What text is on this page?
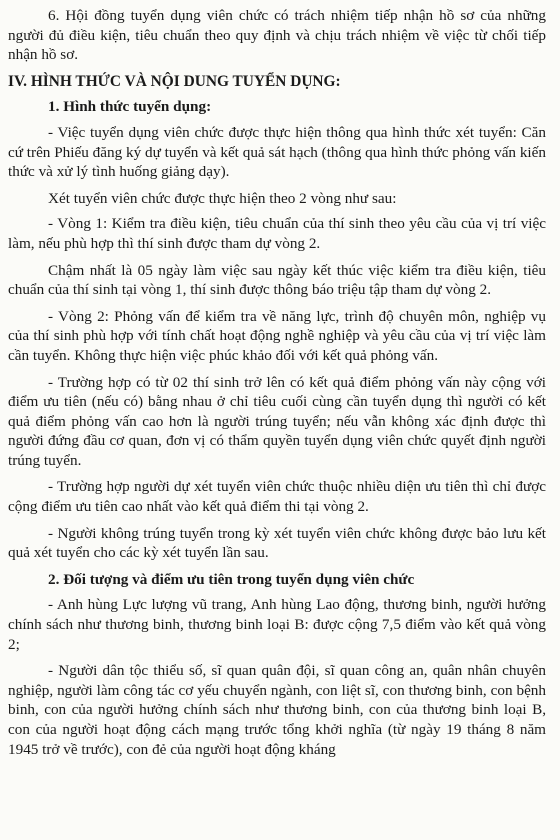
6. Hội đồng tuyển dụng viên chức có trách nhiệm tiếp nhận hồ sơ của những người đủ điều kiện, tiêu chuẩn theo quy định và chịu trách nhiệm về việc từ chối tiếp nhận hồ sơ.

IV. HÌNH THỨC VÀ NỘI DUNG TUYỂN DỤNG:
1. Hình thức tuyển dụng:

- Việc tuyển dụng viên chức được thực hiện thông qua hình thức xét tuyển: Căn cứ trên Phiếu đăng ký dự tuyển và kết quả sát hạch (thông qua hình thức phỏng vấn kiến thức và xử lý tình huống giảng dạy).

Xét tuyển viên chức được thực hiện theo 2 vòng như sau:

- Vòng 1: Kiểm tra điều kiện, tiêu chuẩn của thí sinh theo yêu cầu của vị trí việc làm, nếu phù hợp thì thí sinh được tham dự vòng 2.

Chậm nhất là 05 ngày làm việc sau ngày kết thúc việc kiểm tra điều kiện, tiêu chuẩn của thí sinh tại vòng 1, thí sinh được thông báo triệu tập tham dự vòng 2.

- Vòng 2: Phỏng vấn để kiểm tra về năng lực, trình độ chuyên môn, nghiệp vụ của thí sinh phù hợp với tính chất hoạt động nghề nghiệp và yêu cầu của vị trí việc làm cần tuyển. Không thực hiện việc phúc khảo đối với kết quả phỏng vấn.

- Trường hợp có từ 02 thí sinh trở lên có kết quả điểm phỏng vấn này cộng với điểm ưu tiên (nếu có) bằng nhau ở chỉ tiêu cuối cùng cần tuyển dụng thì người có kết quả điểm phỏng vấn cao hơn là người trúng tuyển; nếu vẫn không xác định được thì người đứng đầu cơ quan, đơn vị có thẩm quyền tuyển dụng viên chức quyết định người trúng tuyển.

- Trường hợp người dự xét tuyển viên chức thuộc nhiều diện ưu tiên thì chỉ được cộng điểm ưu tiên cao nhất vào kết quả điểm thi tại vòng 2.

- Người không trúng tuyển trong kỳ xét tuyển viên chức không được bảo lưu kết quả xét tuyển cho các kỳ xét tuyển lần sau.

2. Đối tượng và điểm ưu tiên trong tuyển dụng viên chức

- Anh hùng Lực lượng vũ trang, Anh hùng Lao động, thương binh, người hưởng chính sách như thương binh, thương binh loại B: được cộng 7,5 điểm vào kết quả vòng 2;

- Người dân tộc thiểu số, sĩ quan quân đội, sĩ quan công an, quân nhân chuyên nghiệp, người làm công tác cơ yếu chuyển ngành, con liệt sĩ, con thương binh, con bệnh binh, con của người hưởng chính sách như thương binh, con của thương binh loại B, con của người hoạt động cách mạng trước tổng khởi nghĩa (từ ngày 19 tháng 8 năm 1945 trở về trước), con đẻ của người hoạt động kháng
